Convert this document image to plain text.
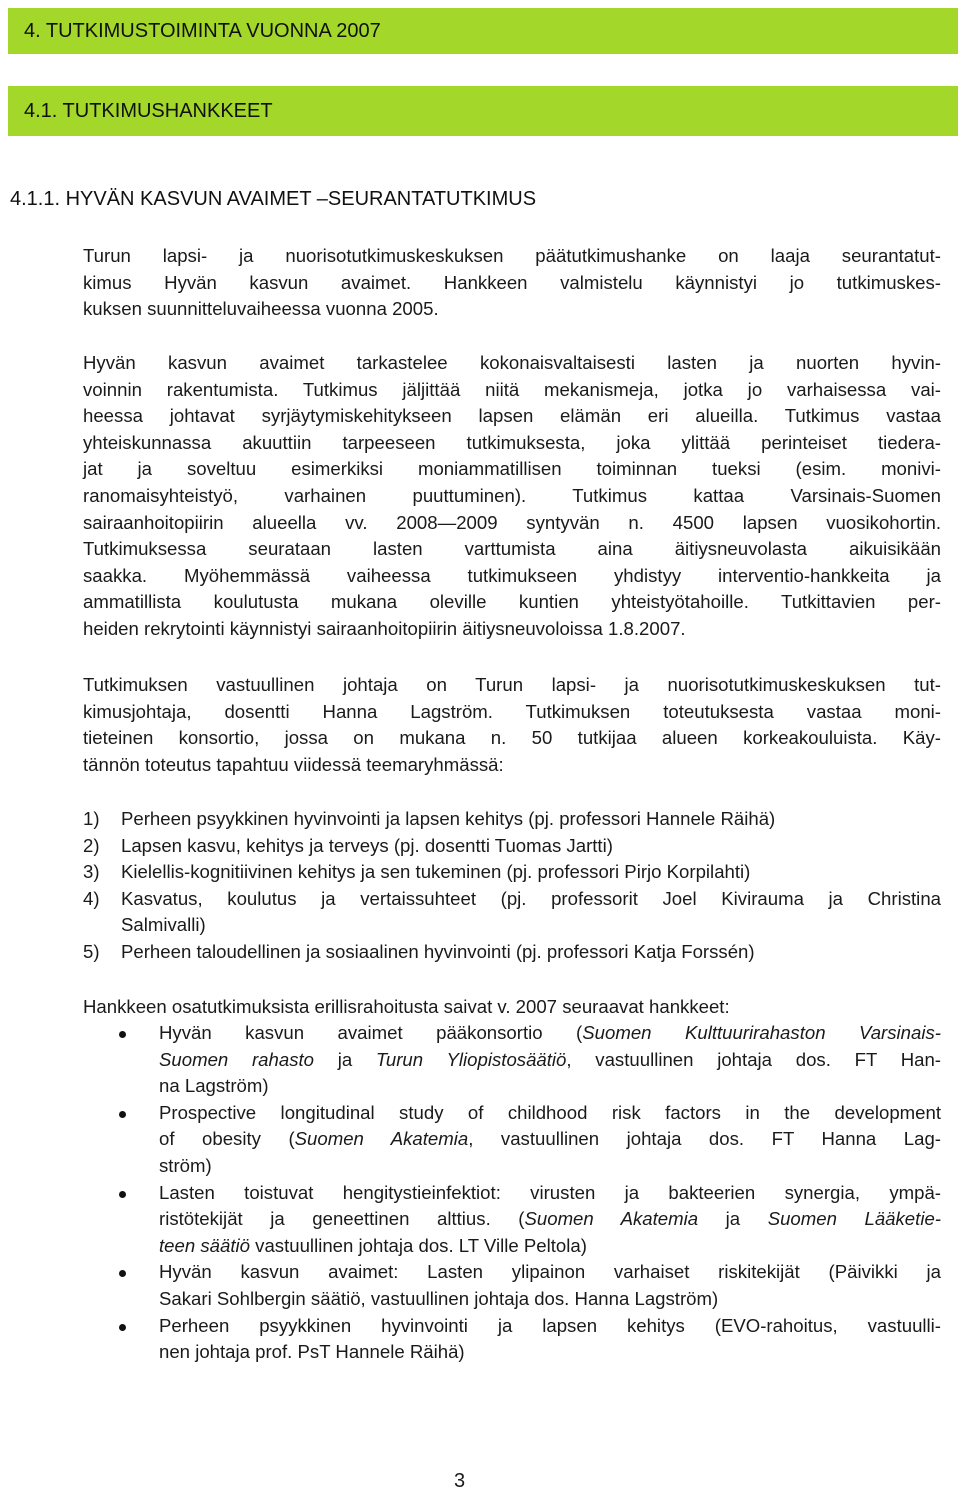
4. TUTKIMUSTOIMINTA VUONNA 2007
4.1. TUTKIMUSHANKKEET
4.1.1. HYVÄN KASVUN AVAIMET –SEURANTATUTKIMUS

Turun lapsi- ja nuorisotutkimuskeskuksen päätutkimushanke on laaja seurantatut-
kimus Hyvän kasvun avaimet. Hankkeen valmistelu käynnistyi jo tutkimuskes-
kuksen suunnitteluvaiheessa vuonna 2005.

Hyvän kasvun avaimet tarkastelee kokonaisvaltaisesti lasten ja nuorten hyvin-
voinnin rakentumista. Tutkimus jäljittää niitä mekanismeja, jotka jo varhaisessa vai-
heessa johtavat syrjäytymiskehitykseen lapsen elämän eri alueilla. Tutkimus vastaa
yhteiskunnassa akuuttiin tarpeeseen tutkimuksesta, joka ylittää perinteiset tiedera-
jat ja soveltuu esimerkiksi moniammatillisen toiminnan tueksi (esim. monivi-
ranomaisyhteistyö, varhainen puuttuminen). Tutkimus kattaa Varsinais-Suomen
sairaanhoitopiirin alueella vv. 2008—2009 syntyvän n. 4500 lapsen vuosikohortin.
Tutkimuksessa seurataan lasten varttumista aina äitiysneuvolasta aikuisikään
saakka. Myöhemmässä vaiheessa tutkimukseen yhdistyy interventio-hankkeita ja
ammatillista koulutusta mukana oleville kuntien yhteistyötahoille. Tutkittavien per-
heiden rekrytointi käynnistyi sairaanhoitopiirin äitiysneuvoloissa 1.8.2007.

Tutkimuksen vastuullinen johtaja on Turun lapsi- ja nuorisotutkimuskeskuksen tut-
kimusjohtaja, dosentti Hanna Lagström. Tutkimuksen toteutuksesta vastaa moni-
tieteinen konsortio, jossa on mukana n. 50 tutkijaa alueen korkeakouluista. Käy-
tännön toteutus tapahtuu viidessä teemaryhmässä:

1) Perheen psyykkinen hyvinvointi ja lapsen kehitys (pj. professori Hannele Räihä)
2) Lapsen kasvu, kehitys ja terveys (pj. dosentti Tuomas Jartti)
3) Kielellis-kognitiivinen kehitys ja sen tukeminen (pj. professori Pirjo Korpilahti)
4) Kasvatus, koulutus ja vertaissuhteet (pj. professorit Joel Kivirauma ja Christina
Salmivalli)
5) Perheen taloudellinen ja sosiaalinen hyvinvointi (pj. professori Katja Forssén)

Hankkeen osatutkimuksista erillisrahoitusta saivat v. 2007 seuraavat hankkeet:

Hyvän kasvun avaimet pääkonsortio (Suomen Kulttuurirahaston Varsinais-
Suomen rahasto ja Turun Yliopistosäätiö, vastuullinen johtaja dos. FT Han-
na Lagström)
Prospective longitudinal study of childhood risk factors in the development
of obesity (Suomen Akatemia, vastuullinen johtaja dos. FT Hanna Lag-
ström)
Lasten toistuvat hengitystieinfektiot: virusten ja bakteerien synergia, ympä-
ristötekijät ja geneettinen alttius. (Suomen Akatemia ja Suomen Lääketie-
teen säätiö vastuullinen johtaja dos. LT Ville Peltola)
Hyvän kasvun avaimet: Lasten ylipainon varhaiset riskitekijät (Päivikki ja
Sakari Sohlbergin säätiö, vastuullinen johtaja dos. Hanna Lagström)
Perheen psyykkinen hyvinvointi ja lapsen kehitys (EVO-rahoitus, vastuulli-
nen johtaja prof. PsT Hannele Räihä)
3
